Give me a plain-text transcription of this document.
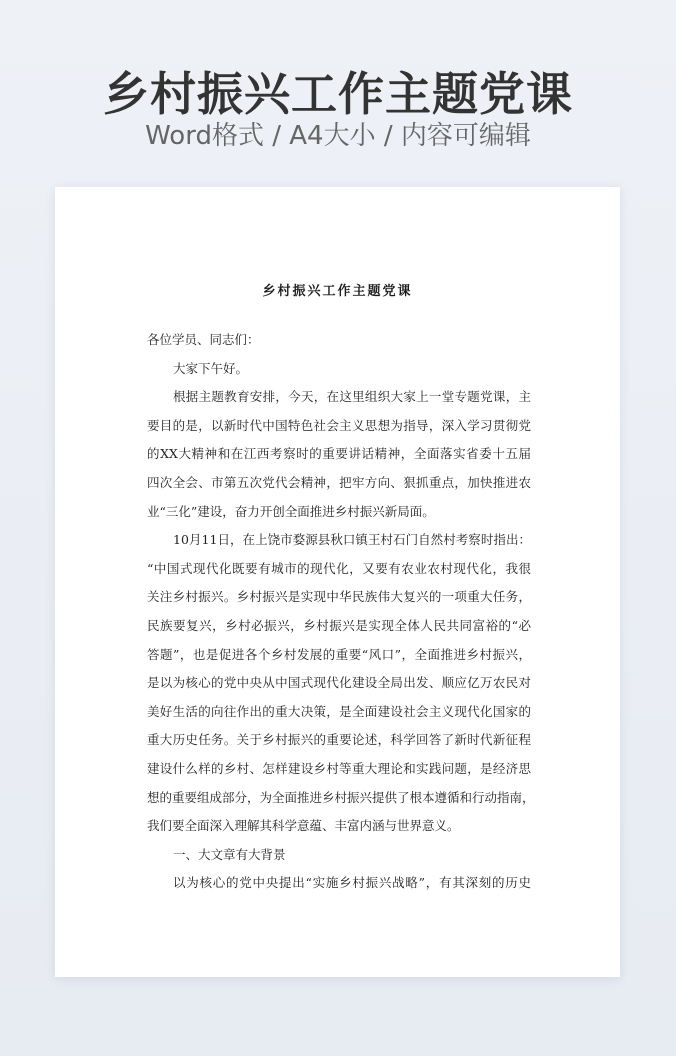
乡村振兴工作主题党课
Word格式 / A4大小 / 内容可编辑
乡村振兴工作主题党课
各位学员、同志们：
大家下午好。
根据主题教育安排，今天，在这里组织大家上一堂专题党课，主
要目的是，以新时代中国特色社会主义思想为指导，深入学习贯彻党
的XX大精神和在江西考察时的重要讲话精神，全面落实省委十五届
四次全会、市第五次党代会精神，把牢方向、狠抓重点，加快推进农
业“三化”建设，奋力开创全面推进乡村振兴新局面。
10月11日，在上饶市婺源县秋口镇王村石门自然村考察时指出：
“中国式现代化既要有城市的现代化，又要有农业农村现代化，我很
关注乡村振兴。乡村振兴是实现中华民族伟大复兴的一项重大任务，
民族要复兴，乡村必振兴，乡村振兴是实现全体人民共同富裕的“必
答题”，也是促进各个乡村发展的重要“风口”，全面推进乡村振兴，
是以为核心的党中央从中国式现代化建设全局出发、顺应亿万农民对
美好生活的向往作出的重大决策，是全面建设社会主义现代化国家的
重大历史任务。关于乡村振兴的重要论述，科学回答了新时代新征程
建设什么样的乡村、怎样建设乡村等重大理论和实践问题，是经济思
想的重要组成部分，为全面推进乡村振兴提供了根本遵循和行动指南，
我们要全面深入理解其科学意蕴、丰富内涵与世界意义。
一、大文章有大背景
以为核心的党中央提出“实施乡村振兴战略”，有其深刻的历史
